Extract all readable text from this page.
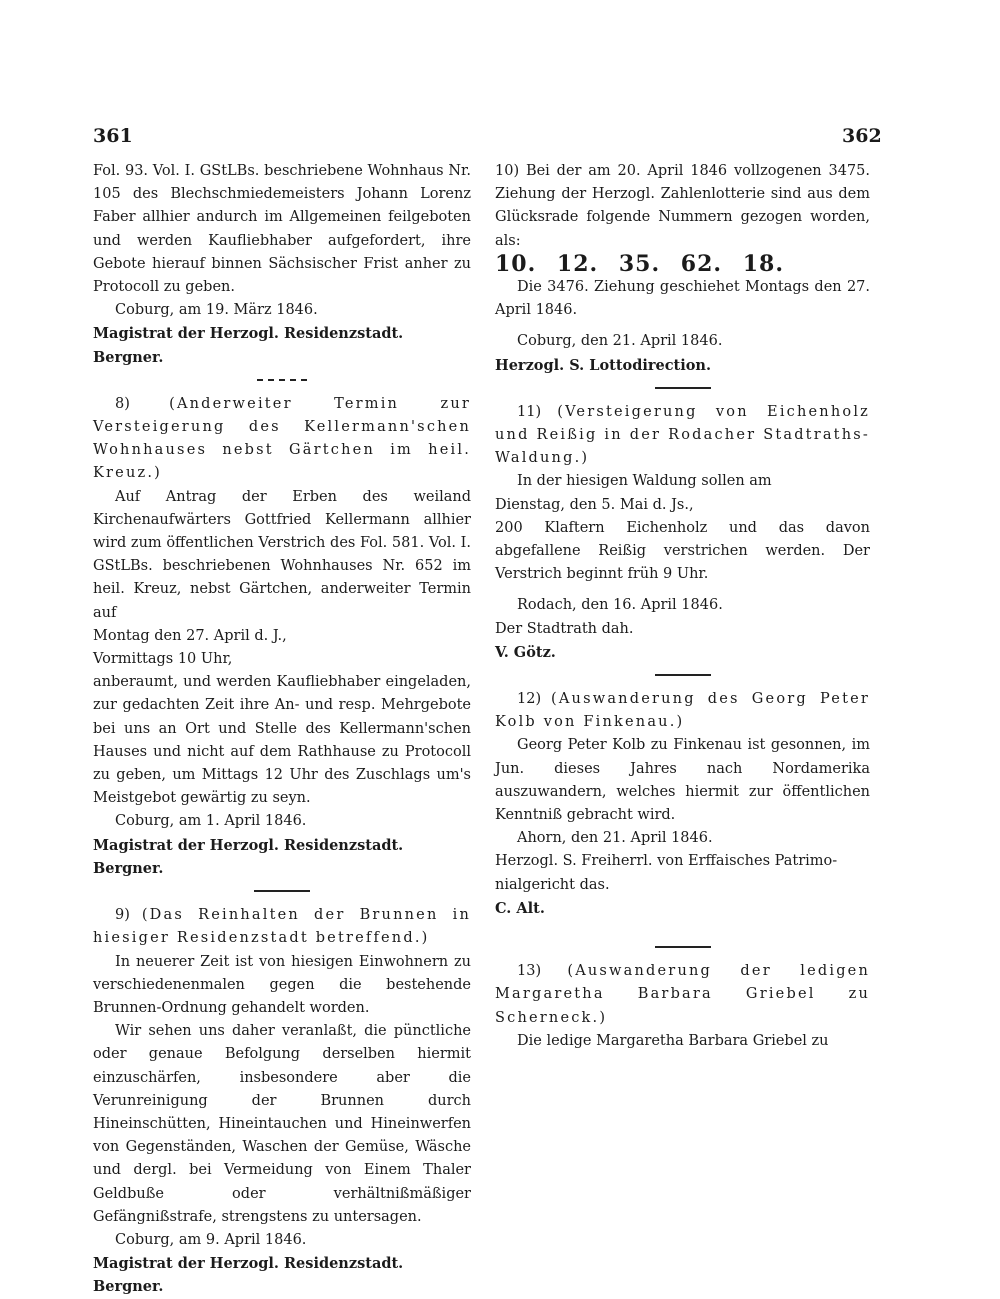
361	362

Fol. 93. Vol. I. GStLBs. beschriebene Wohnhaus Nr. 105 des Blechschmiedemeisters Johann Lorenz Faber allhier andurch im Allgemeinen feilgeboten und werden Kaufliebhaber aufgefordert, ihre Gebote hierauf binnen Sächsischer Frist anher zu Protocoll zu geben.

Coburg, am 19. März 1846.

Magistrat der Herzogl. Residenzstadt.

Bergner.

8)	(Anderweiter Termin zur Versteigerung des Kellermann'schen Wohnhauses nebst Gärtchen im heil. Kreuz.)

Auf Antrag der Erben des weiland Kirchenaufwärters Gottfried Kellermann allhier wird zum öffentlichen Verstrich des Fol. 581. Vol. I. GStLBs. beschriebenen Wohnhauses Nr. 652 im heil. Kreuz, nebst Gärtchen, anderweiter Termin auf

Montag den 27. April d. J.,

Vormittags 10 Uhr,

anberaumt, und werden Kaufliebhaber eingeladen, zur gedachten Zeit ihre An- und resp. Mehrgebote bei uns an Ort und Stelle des Kellermann'schen Hauses und nicht auf dem Rathhause zu Protocoll zu geben, um Mittags 12 Uhr des Zuschlags um's Meistgebot gewärtig zu seyn.

Coburg, am 1. April 1846.

Magistrat der Herzogl. Residenzstadt.

Bergner.

9) (Das Reinhalten der Brunnen in hiesiger Residenzstadt betreffend.)

In neuerer Zeit ist von hiesigen Einwohnern zu verschiedenenmalen gegen die bestehende Brunnen-Ordnung gehandelt worden.

Wir sehen uns daher veranlaßt, die pünctliche oder genaue Befolgung derselben hiermit einzuschärfen, insbesondere aber die Verunreinigung der Brunnen durch Hineinschütten, Hineintauchen und Hineinwerfen von Gegenständen, Waschen der Gemüse, Wäsche und dergl. bei Vermeidung von Einem Thaler Geldbuße oder verhältnißmäßiger Gefängnißstrafe, strengstens zu untersagen.

Coburg, am 9. April 1846.

Magistrat der Herzogl. Residenzstadt.

Bergner.

10) Bei der am 20. April 1846 vollzogenen 3475. Ziehung der Herzogl. Zahlenlotterie sind aus dem Glücksrade folgende Nummern gezogen worden, als:

10. 12. 35. 62. 18.

Die 3476. Ziehung geschiehet Montags den 27. April 1846.

Coburg, den 21. April 1846.

Herzogl. S. Lottodirection.

11) (Versteigerung von Eichenholz und Reißig in der Rodacher Stadtraths-Waldung.)

In der hiesigen Waldung sollen am

Dienstag, den 5. Mai d. Js.,

200 Klaftern Eichenholz und das davon abgefallene Reißig verstrichen werden. Der Verstrich beginnt früh 9 Uhr.

Rodach, den 16. April 1846.

Der Stadtrath dah.

V. Götz.

12) (Auswanderung des Georg Peter Kolb von Finkenau.)

Georg Peter Kolb zu Finkenau ist gesonnen, im Jun. dieses Jahres nach Nordamerika auszuwandern, welches hiermit zur öffentlichen Kenntniß gebracht wird.

Ahorn, den 21. April 1846.

Herzogl. S. Freiherrl. von Erffaisches Patrimo-

nialgericht das.

C. Alt.

13) (Auswanderung der ledigen Margaretha Barbara Griebel zu Scherneck.)

Die ledige Margaretha Barbara Griebel zu
